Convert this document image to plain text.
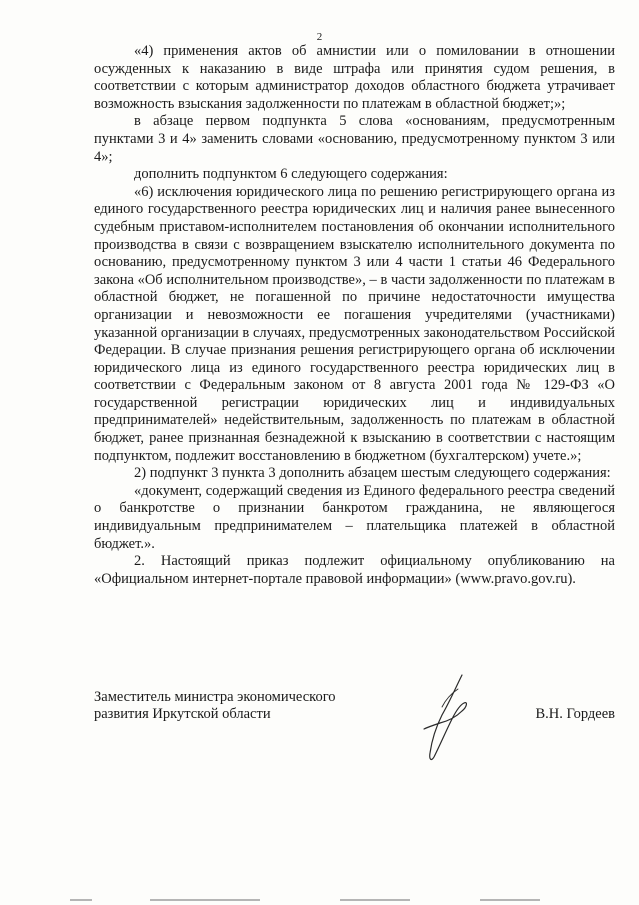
2

«4) применения актов об амнистии или о помиловании в отношении осужденных к наказанию в виде штрафа или принятия судом решения, в соответствии с которым администратор доходов областного бюджета утрачивает возможность взыскания задолженности по платежам в областной бюджет;»;

в абзаце первом подпункта 5 слова «основаниям, предусмотренным пунктами 3 и 4» заменить словами «основанию, предусмотренному пунктом 3 или 4»;

дополнить подпунктом 6 следующего содержания:

«6) исключения юридического лица по решению регистрирующего органа из единого государственного реестра юридических лиц и наличия ранее вынесенного судебным приставом-исполнителем постановления об окончании исполнительного производства в связи с возвращением взыскателю исполнительного документа по основанию, предусмотренному пунктом 3 или 4 части 1 статьи 46 Федерального закона «Об исполнительном производстве», – в части задолженности по платежам в областной бюджет, не погашенной по причине недостаточности имущества организации и невозможности ее погашения учредителями (участниками) указанной организации в случаях, предусмотренных законодательством Российской Федерации. В случае признания решения регистрирующего органа об исключении юридического лица из единого государственного реестра юридических лиц в соответствии с Федеральным законом от 8 августа 2001 года № 129-ФЗ «О государственной регистрации юридических лиц и индивидуальных предпринимателей» недействительным, задолженность по платежам в областной бюджет, ранее признанная безнадежной к взысканию в соответствии с настоящим подпунктом, подлежит восстановлению в бюджетном (бухгалтерском) учете.»;

2) подпункт 3 пункта 3 дополнить абзацем шестым следующего содержания:

«документ, содержащий сведения из Единого федерального реестра сведений о банкротстве о признании банкротом гражданина, не являющегося индивидуальным предпринимателем – плательщика платежей в областной бюджет.».

2. Настоящий приказ подлежит официальному опубликованию на «Официальном интернет-портале правовой информации» (www.pravo.gov.ru).

Заместитель министра экономического
развития Иркутской области	В.Н. Гордеев
